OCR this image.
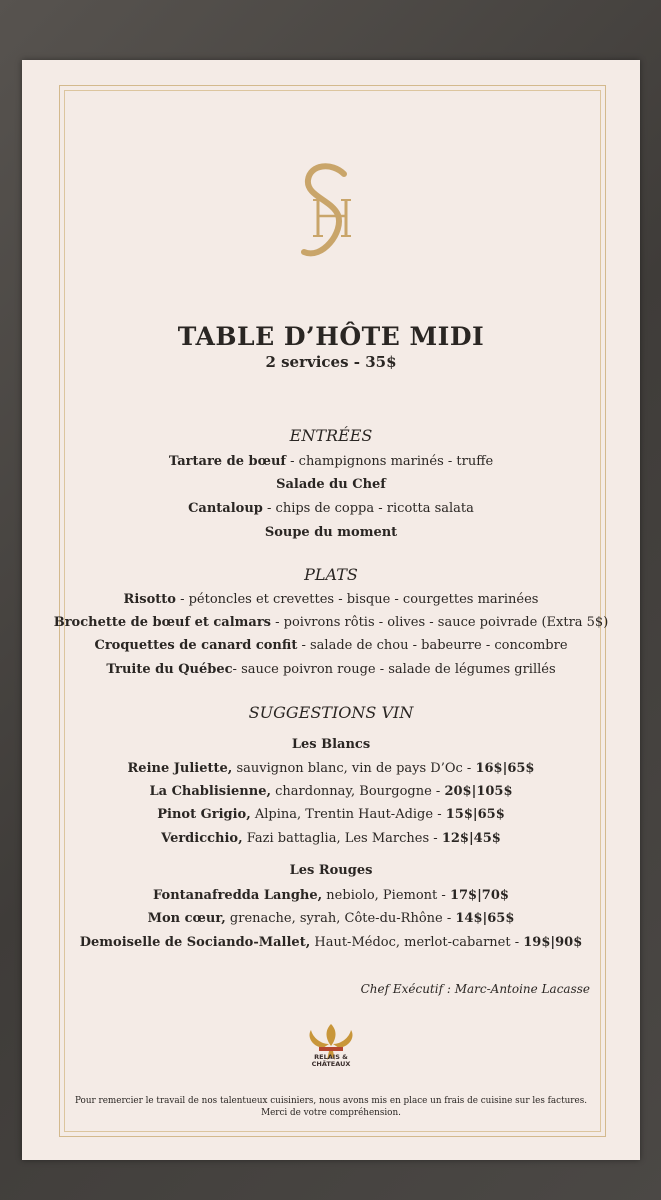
TABLE D’HÔTE MIDI
2 services - 35$
ENTRÉES
Tartare de bœuf - champignons marinés - truffe
Salade du Chef
Cantaloup - chips de coppa - ricotta salata
Soupe du moment
PLATS
Risotto - pétoncles et crevettes - bisque - courgettes marinées
Brochette de bœuf et calmars - poivrons rôtis - olives - sauce poivrade (Extra 5$)
Croquettes de canard confit - salade de chou - babeurre - concombre
Truite du Québec- sauce poivron rouge - salade de légumes grillés
SUGGESTIONS VIN
Les Blancs
Reine Juliette, sauvignon blanc, vin de pays D’Oc - 16$|65$
La Chablisienne, chardonnay, Bourgogne - 20$|105$
Pinot Grigio, Alpina, Trentin Haut-Adige - 15$|65$
Verdicchio, Fazi battaglia, Les Marches - 12$|45$
Les Rouges
Fontanafredda Langhe, nebiolo, Piemont - 17$|70$
Mon cœur, grenache, syrah, Côte-du-Rhône - 14$|65$
Demoiselle de Sociando-Mallet, Haut-Médoc, merlot-cabarnet - 19$|90$
Chef Exécutif : Marc-Antoine Lacasse
RELAIS &
CHÂTEAUX
Pour remercier le travail de nos talentueux cuisiniers, nous avons mis en place un frais de cuisine sur les factures.
Merci de votre compréhension.
